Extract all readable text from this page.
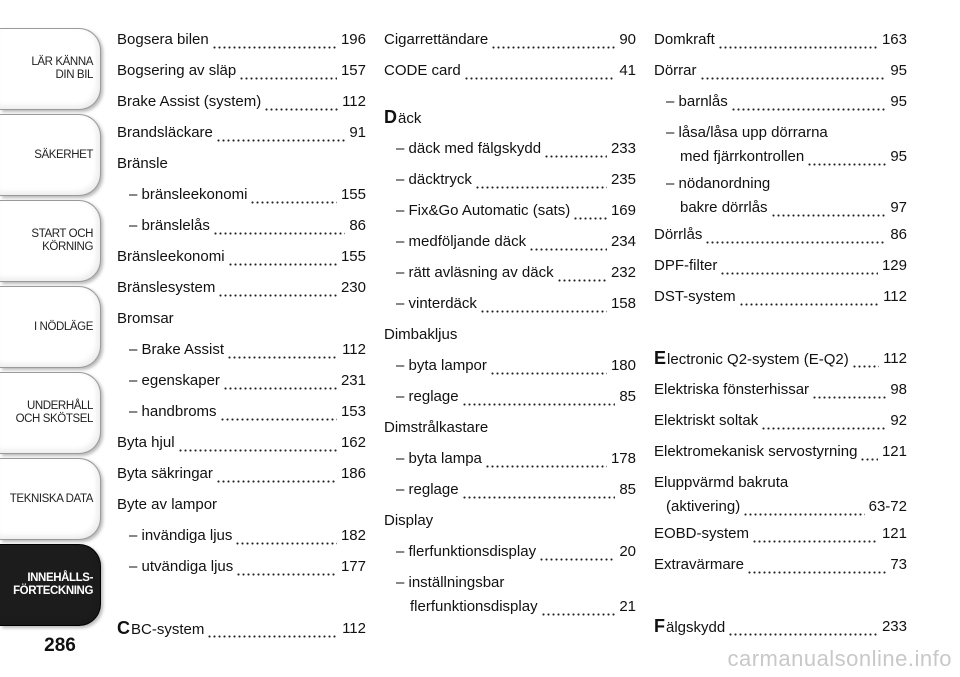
LÄR KÄNNA
DIN BIL
SÄKERHET
START OCH
KÖRNING
I NÖDLÄGE
UNDERHÅLL
OCH SKÖTSEL
TEKNISKA DATA
INNEHÅLLS-
FÖRTECKNING
286
Bogsera bilen	196
Bogsering av släp	157
Brake Assist (system)	112
Brandsläckare	91
Bränsle
– bränsleekonomi	155
– bränslelås	86
Bränsleekonomi	155
Bränslesystem	230
Bromsar
– Brake Assist	112
– egenskaper	231
– handbroms	153
Byta hjul	162
Byta säkringar	186
Byte av lampor
– invändiga ljus	182
– utvändiga ljus	177
CBC-system	112
Cigarrettändare	90
CODE card	41
Däck
– däck med fälgskydd	233
– däcktryck	235
– Fix&Go Automatic (sats)	169
– medföljande däck	234
– rätt avläsning av däck	232
– vinterdäck	158
Dimbakljus
– byta lampor	180
– reglage	85
Dimstrålkastare
– byta lampa	178
– reglage	85
Display
– flerfunktionsdisplay	20
– inställningsbar
flerfunktionsdisplay	21
Domkraft	163
Dörrar	95
– barnlås	95
– låsa/låsa upp dörrarna
med fjärrkontrollen	95
– nödanordning
bakre dörrlås	97
Dörrlås	86
DPF-filter	129
DST-system	112
Electronic Q2-system (E-Q2) 112
Elektriska fönsterhissar	98
Elektriskt soltak	92
Elektromekanisk servostyrning 121
Eluppvärmd bakruta
(aktivering)	63-72
EOBD-system	121
Extravärmare	73
Fälgskydd	233
carmanualsonline.info
